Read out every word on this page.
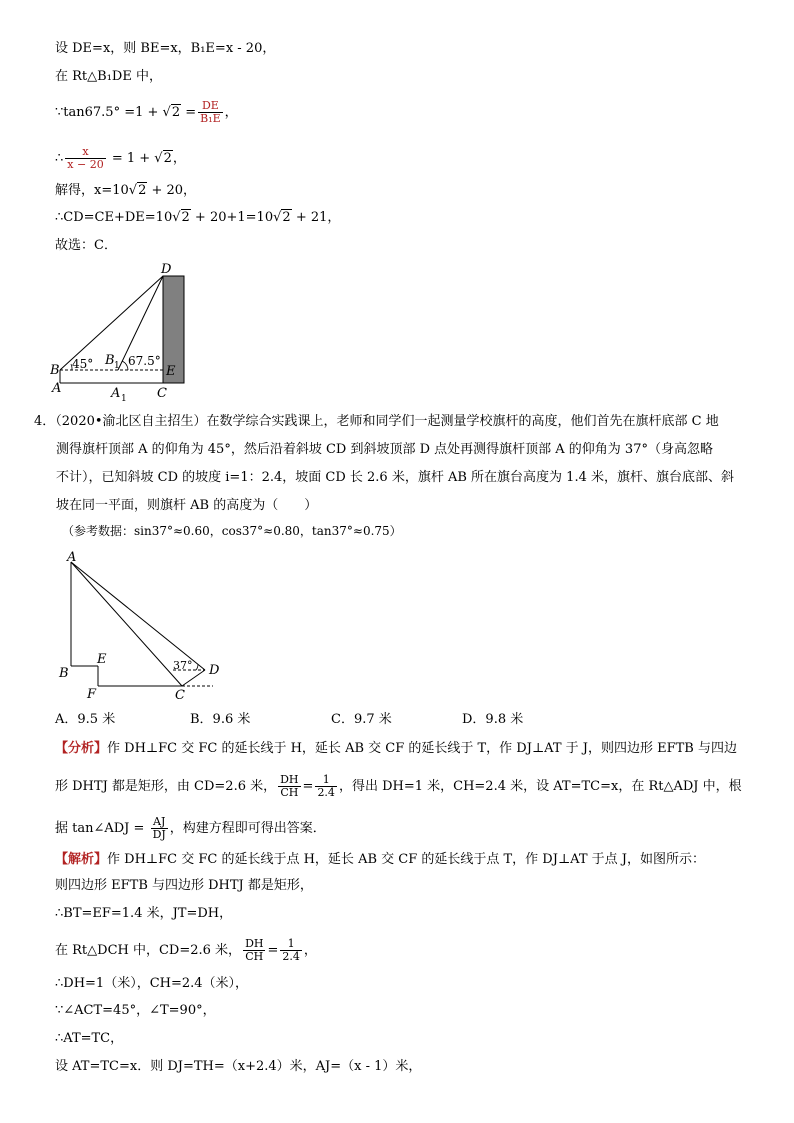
设 DE=x，则 BE=x，B₁E=x - 20，
在 Rt△B₁DE 中，
∵tan67.5° $=1 + √2 = \frac{DE}{\text{B₁E}}$ ，
∴ $\frac{x}{x - 20} = 1 + √2$，
解得，x=10√2 + 20，
∴CD=CE+DE=10√2 + 20+1=10√2 + 21，
故选：C．
D
B
A
45° B 1 67.5°
E
A 1 C
4．（2020•渝北区自主招生）在数学综合实践课上，老师和同学们一起测量学校旗杆的高度，他们首先在旗杆底部 C 地
测得旗杆顶部 A 的仰角为 45°，然后沿着斜坡 CD 到斜坡顶部 D 点处再测得旗杆顶部 A 的仰角为 37°（身高忽略
不计），已知斜坡 CD 的坡度 i=1：2.4，坡面 CD 长 2.6 米，旗杆 AB 所在旗台高度为 1.4 米，旗杆、旗台底部、斜
坡在同一平面，则旗杆 AB 的高度为（　　）
（参考数据：sin37°≈0.60，cos37°≈0.80，tan37°≈0.75）
A
B
E
F	C
D
37°
A．9.5 米	B．9.6 米	C．9.7 米	D．9.8 米
【分析】作 DH⊥FC 交 FC 的延长线于 H，延长 AB 交 CF 的延长线于 T，作 DJ⊥AT 于 J，则四边形 EFTB 与四边
形 DHTJ 都是矩形，由 CD=2.6 米， $\frac{DH}{CH} = \frac{1}{2.4}$ ，得出 DH=1 米，CH=2.4 米，设 AT=TC=x，在 Rt△ADJ 中，根
据 tan∠ADJ = $\frac{AJ}{DJ}$ ，构建方程即可得出答案．
【解析】作 DH⊥FC 交 FC 的延长线于点 H，延长 AB 交 CF 的延长线于点 T，作 DJ⊥AT 于点 J，如图所示：
则四边形 EFTB 与四边形 DHTJ 都是矩形，
∴BT=EF=1.4 米，JT=DH，
在 Rt△DCH 中，CD=2.6 米， $\frac{DH}{CH} = \frac{1}{2.4}$ ，
∴DH=1（米），CH=2.4（米），
∵∠ACT=45°，∠T=90°，
∴AT=TC，
设 AT=TC=x．则 DJ=TH=（x+2.4）米，AJ=（x - 1）米，
